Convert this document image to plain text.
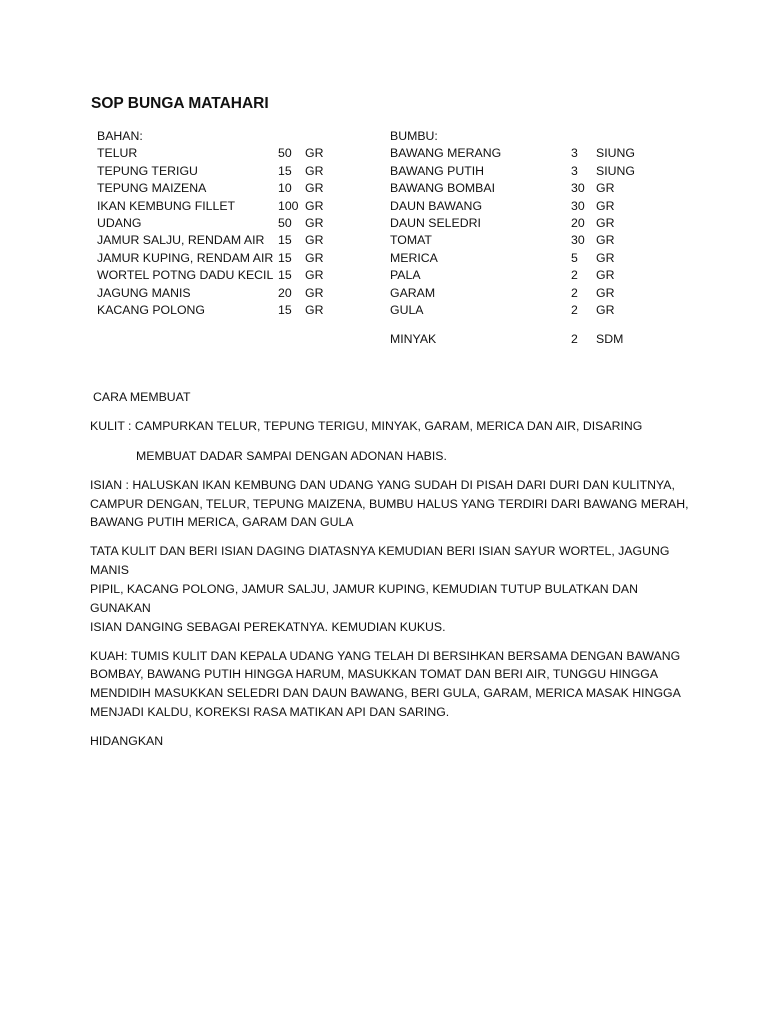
SOP BUNGA MATAHARI
BAHAN:
TELUR	50 GR
TEPUNG TERIGU	15 GR
TEPUNG MAIZENA	10 GR
IKAN KEMBUNG FILLET	100 GR
UDANG	50 GR
JAMUR SALJU, RENDAM AIR 15 GR
JAMUR KUPING, RENDAM AIR 15 GR
WORTEL POTNG DADU KECIL 15 GR
JAGUNG MANIS	20 GR
KACANG POLONG	15 GR
BUMBU:
BAWANG MERANG	3 SIUNG
BAWANG PUTIH	3 SIUNG
BAWANG BOMBAI	30 GR
DAUN BAWANG	30 GR
DAUN SELEDRI	20 GR
TOMAT	30 GR
MERICA	5 GR
PALA	2 GR
GARAM	2 GR
GULA	2 GR
MINYAK	2 SDM

CARA MEMBUAT

KULIT : CAMPURKAN TELUR, TEPUNG TERIGU, MINYAK, GARAM, MERICA DAN AIR, DISARING

MEMBUAT DADAR SAMPAI DENGAN ADONAN HABIS.

ISIAN : HALUSKAN IKAN KEMBUNG DAN UDANG YANG SUDAH DI PISAH DARI DURI DAN KULITNYA,

CAMPUR DENGAN, TELUR, TEPUNG MAIZENA, BUMBU HALUS YANG TERDIRI DARI BAWANG MERAH,

BAWANG PUTIH MERICA, GARAM DAN GULA

TATA KULIT DAN BERI ISIAN DAGING DIATASNYA KEMUDIAN BERI ISIAN SAYUR WORTEL, JAGUNG MANIS

PIPIL, KACANG POLONG, JAMUR SALJU, JAMUR KUPING, KEMUDIAN TUTUP BULATKAN DAN GUNAKAN

ISIAN DANGING SEBAGAI PEREKATNYA. KEMUDIAN KUKUS.

KUAH: TUMIS KULIT DAN KEPALA UDANG YANG TELAH DI BERSIHKAN BERSAMA DENGAN BAWANG

BOMBAY, BAWANG PUTIH HINGGA HARUM, MASUKKAN TOMAT DAN BERI AIR, TUNGGU HINGGA

MENDIDIH MASUKKAN SELEDRI DAN DAUN BAWANG, BERI GULA, GARAM, MERICA MASAK HINGGA

MENJADI KALDU, KOREKSI RASA MATIKAN API DAN SARING.

HIDANGKAN
